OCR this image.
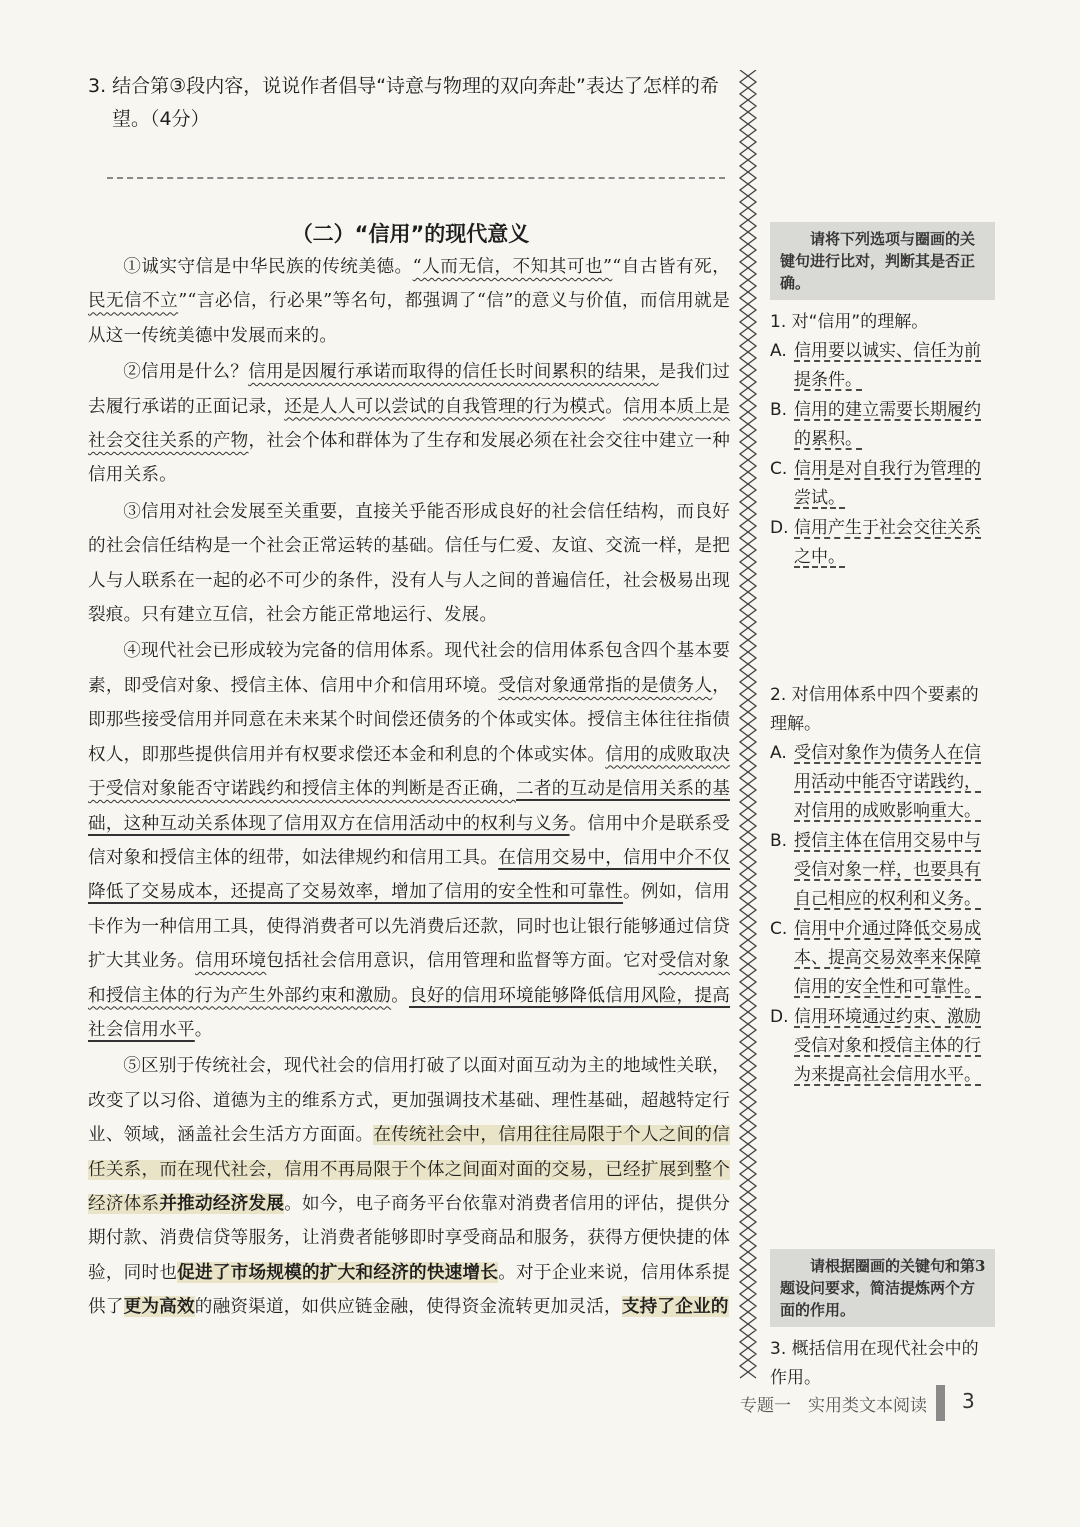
3. 结合第③段内容，说说作者倡导“诗意与物理的双向奔赴”表达了怎样的希望。（4分）

（二）“信用”的现代意义

①诚实守信是中华民族的传统美德。“人而无信，不知其可也”“自古皆有死，民无信不立”“言必信，行必果”等名句，都强调了“信”的意义与价值，而信用就是从这一传统美德中发展而来的。

②信用是什么？信用是因履行承诺而取得的信任长时间累积的结果，是我们过去履行承诺的正面记录，还是人人可以尝试的自我管理的行为模式。信用本质上是社会交往关系的产物，社会个体和群体为了生存和发展必须在社会交往中建立一种信用关系。

③信用对社会发展至关重要，直接关乎能否形成良好的社会信任结构，而良好的社会信任结构是一个社会正常运转的基础。信任与仁爱、友谊、交流一样，是把人与人联系在一起的必不可少的条件，没有人与人之间的普遍信任，社会极易出现裂痕。只有建立互信，社会方能正常地运行、发展。

④现代社会已形成较为完备的信用体系。现代社会的信用体系包含四个基本要素，即受信对象、授信主体、信用中介和信用环境。受信对象通常指的是债务人，即那些接受信用并同意在未来某个时间偿还债务的个体或实体。授信主体往往指债权人，即那些提供信用并有权要求偿还本金和利息的个体或实体。信用的成败取决于受信对象能否守诺践约和授信主体的判断是否正确，二者的互动是信用关系的基础，这种互动关系体现了信用双方在信用活动中的权利与义务。信用中介是联系受信对象和授信主体的纽带，如法律规约和信用工具。在信用交易中，信用中介不仅降低了交易成本，还提高了交易效率，增加了信用的安全性和可靠性。例如，信用卡作为一种信用工具，使得消费者可以先消费后还款，同时也让银行能够通过信贷扩大其业务。信用环境包括社会信用意识，信用管理和监督等方面。它对受信对象和授信主体的行为产生外部约束和激励。良好的信用环境能够降低信用风险，提高社会信用水平。

⑤区别于传统社会，现代社会的信用打破了以面对面互动为主的地域性关联，改变了以习俗、道德为主的维系方式，更加强调技术基础、理性基础，超越特定行业、领域，涵盖社会生活方方面面。在传统社会中，信用往往局限于个人之间的信任关系，而在现代社会，信用不再局限于个体之间面对面的交易，已经扩展到整个经济体系并推动经济发展。如今，电子商务平台依靠对消费者信用的评估，提供分期付款、消费信贷等服务，让消费者能够即时享受商品和服务，获得方便快捷的体验，同时也促进了市场规模的扩大和经济的快速增长。对于企业来说，信用体系提供了更为高效的融资渠道，如供应链金融，使得资金流转更加灵活，支持了企业的

请将下列选项与圈画的关键句进行比对，判断其是否正确。

1. 对“信用”的理解。

A. 信用要以诚实、信任为前提条件。

B. 信用的建立需要长期履约的累积。

C. 信用是对自我行为管理的尝试。

D. 信用产生于社会交往关系之中。

2. 对信用体系中四个要素的理解。

A. 受信对象作为债务人在信用活动中能否守诺践约，对信用的成败影响重大。

B. 授信主体在信用交易中与受信对象一样，也要具有自己相应的权利和义务。

C. 信用中介通过降低交易成本、提高交易效率来保障信用的安全性和可靠性。

D. 信用环境通过约束、激励受信对象和授信主体的行为来提高社会信用水平。

请根据圈画的关键句和第3题设问要求，简洁提炼两个方面的作用。

3. 概括信用在现代社会中的作用。

专题一 实用类文本阅读 3
